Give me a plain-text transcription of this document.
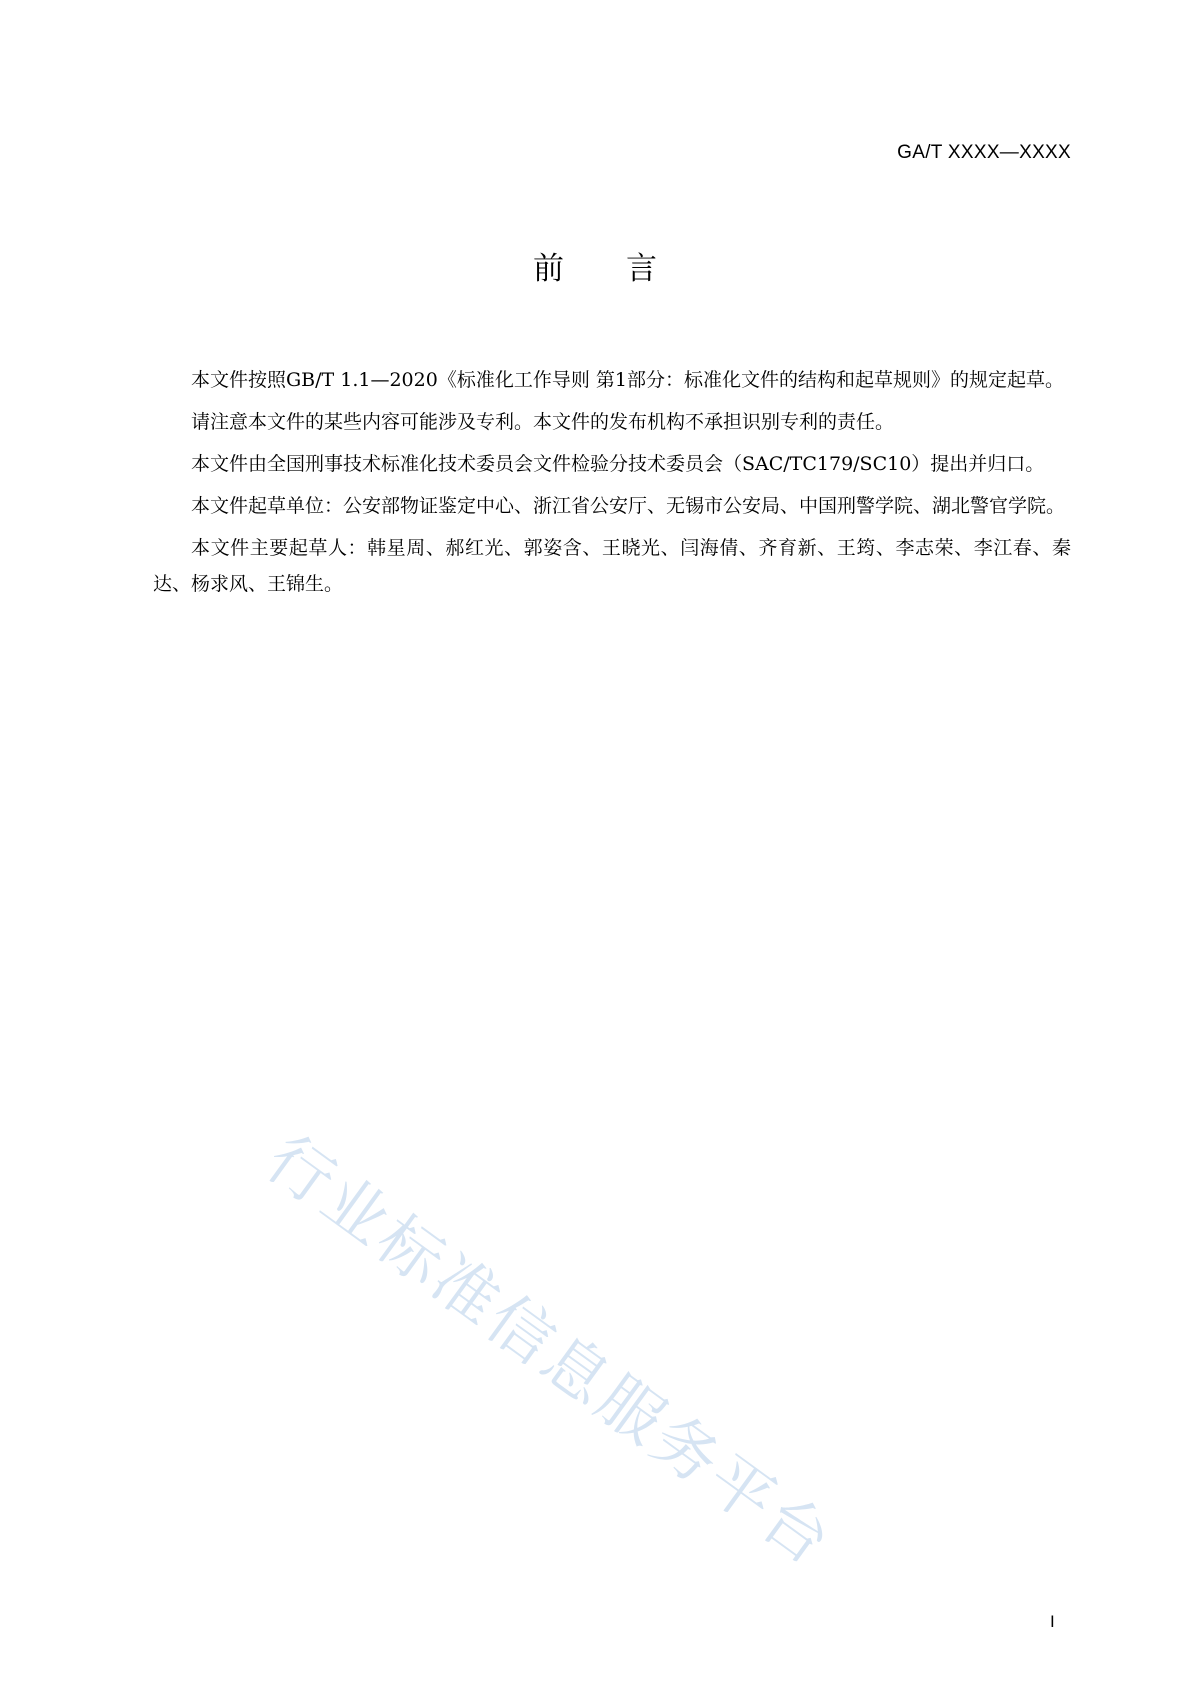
GA/T XXXX—XXXX
前 言

本文件按照GB/T 1.1—2020《标准化工作导则 第1部分：标准化文件的结构和起草规则》的规定起草。

请注意本文件的某些内容可能涉及专利。本文件的发布机构不承担识别专利的责任。

本文件由全国刑事技术标准化技术委员会文件检验分技术委员会（SAC/TC179/SC10）提出并归口。

本文件起草单位：公安部物证鉴定中心、浙江省公安厅、无锡市公安局、中国刑警学院、湖北警官学院。

本文件主要起草人：韩星周、郝红光、郭姿含、王晓光、闫海倩、齐育新、王筠、李志荣、李江春、秦达、杨求风、王锦生。

行业标准信息服务平台
I
